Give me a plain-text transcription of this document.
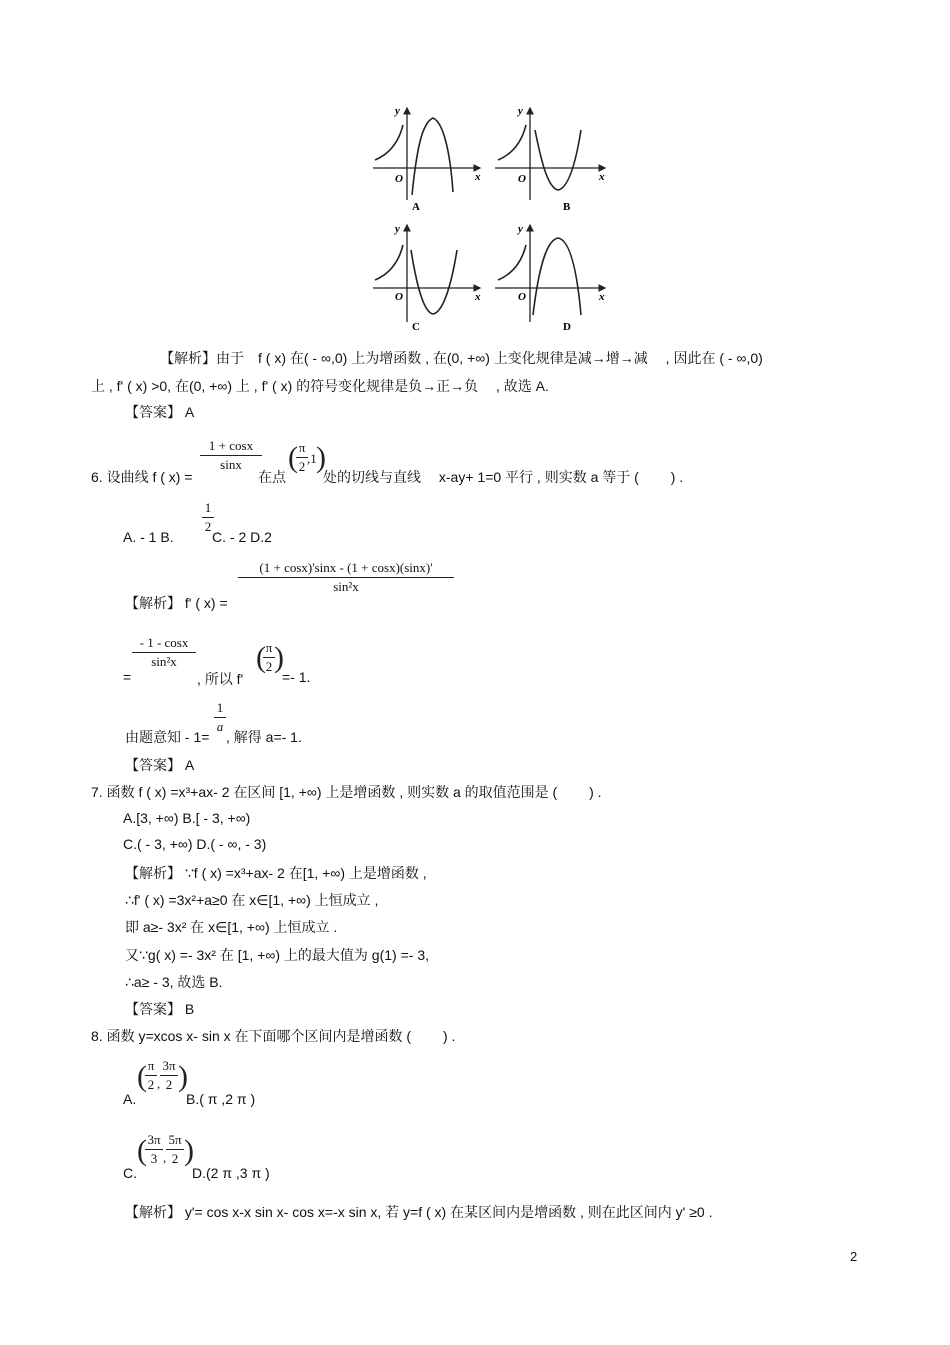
y
x
O
A
y
x
O
B
y
x
O
C
y
x
O
D
【解析】由于　f ( x) 在( - ∞,0) 上为增函数 , 在(0, +∞) 上变化规律是减→增→减　 , 因此在 ( - ∞,0)
上 , f' ( x) >0, 在(0, +∞) 上 , f' ( x) 的符号变化规律是负→正→负　 , 故选 A.
【答案】 A
6. 设曲线 f ( x) =
1 + cosx
sinx
在点
( π
2
,1 )
处的切线与直线 　x-ay+ 1=0 平行 , 则实数 a 等于 (　　 ) .
A. - 1 B.
1
2
C. - 2 D.2
【解析】 f' ( x) =
(1 + cosx)'sinx - (1 + cosx)(sinx)'
sin²x
=
- 1 - cosx
sin²x
, 所以 f'
( π
2 )
=- 1.
由题意知 - 1=
1
a
, 解得 a=- 1.
【答案】 A
7. 函数 f ( x) =x³+ax- 2 在区间 [1, +∞) 上是增函数 , 则实数 a 的取值范围是 (　　 ) .
A.[3, +∞) B.[ - 3, +∞)
C.( - 3, +∞) D.( - ∞, - 3)
【解析】 ∵f ( x) =x³+ax- 2 在[1, +∞) 上是增函数 ,
∴f' ( x) =3x²+a≥0 在 x∈[1, +∞) 上恒成立 ,
即 a≥- 3x² 在 x∈[1, +∞) 上恒成立 .
又∵g( x) =- 3x² 在 [1, +∞) 上的最大值为 g(1) =- 3,
∴a≥ - 3, 故选 B.
【答案】 B
8. 函数 y=xcos x- sin x 在下面哪个区间内是增函数 (　　 ) .
A.
( π
2 ,
3π
2 )
B.( π ,2 π )
C.
( 3π
3 ,
5π
2 )
D.(2 π ,3 π )
【解析】 y'= cos x-x sin x- cos x=-x sin x, 若 y=f ( x) 在某区间内是增函数 , 则在此区间内 y' ≥0 .
2
